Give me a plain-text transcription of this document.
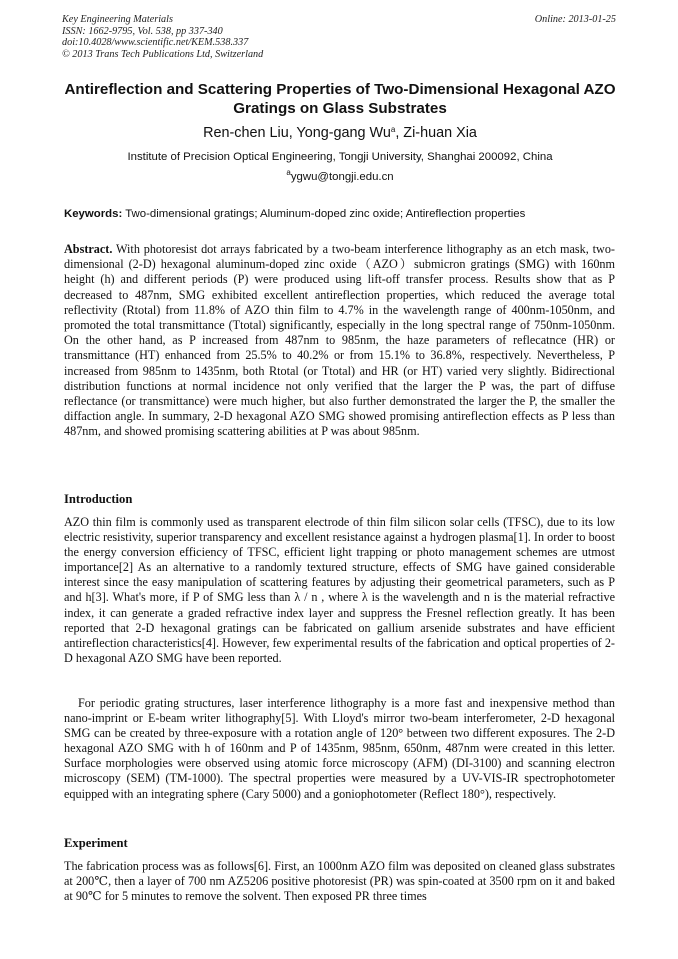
Key Engineering Materials
ISSN: 1662-9795, Vol. 538, pp 337-340
doi:10.4028/www.scientific.net/KEM.538.337
© 2013 Trans Tech Publications Ltd, Switzerland
Online: 2013-01-25
Antireflection and Scattering Properties of Two-Dimensional Hexagonal AZO Gratings on Glass Substrates
Ren-chen Liu, Yong-gang Wu$^a$, Zi-huan Xia
Institute of Precision Optical Engineering, Tongji University, Shanghai 200092, China
$^a$ygwu@tongji.edu.cn
Keywords: Two-dimensional gratings; Aluminum-doped zinc oxide; Antireflection properties
Abstract. With photoresist dot arrays fabricated by a two-beam interference lithography as an etch mask, two-dimensional (2-D) hexagonal aluminum-doped zinc oxide（AZO）submicron gratings (SMG) with 160nm height (h) and different periods (P) were produced using lift-off transfer process. Results show that as P decreased to 487nm, SMG exhibited excellent antireflection properties, which reduced the average total reflectivity (Rtotal) from 11.8% of AZO thin film to 4.7% in the wavelength range of 400nm-1050nm, and promoted the total transmittance (Ttotal) significantly, especially in the long spectral range of 750nm-1050nm. On the other hand, as P increased from 487nm to 985nm, the haze parameters of reflecatnce (HR) or transmittance (HT) enhanced from 25.5% to 40.2% or from 15.1% to 36.8%, respectively. Nevertheless, P increased from 985nm to 1435nm, both Rtotal (or Ttotal) and HR (or HT) varied very slightly. Bidirectional distribution functions at normal incidence not only verified that the larger the P was, the part of diffuse reflectance (or transmittance) were much higher, but also further demonstrated the larger the P, the smaller the diffaction angle. In summary, 2-D hexagonal AZO SMG showed promising antireflection effects as P less than 487nm, and showed promising scattering abilities at P was about 985nm.
Introduction
AZO thin film is commonly used as transparent electrode of thin film silicon solar cells (TFSC), due to its low electric resistivity, superior transparency and excellent resistance against a hydrogen plasma[1]. In order to boost the energy conversion efficiency of TFSC, efficient light trapping or photo management schemes are utmost importance[2] As an alternative to a randomly textured structure, effects of SMG have gained considerable interest since the easy manipulation of scattering features by adjusting their geometrical parameters, such as P and h[3]. What's more, if P of SMG less than λ / n , where λ is the wavelength and n is the material refractive index, it can generate a graded refractive index layer and suppress the Fresnel reflection greatly. It has been reported that 2-D hexagonal gratings can be fabricated on gallium arsenide substrates and have efficient antireflection characteristics[4]. However, few experimental results of the fabrication and optical properties of 2-D hexagonal AZO SMG have been reported.
For periodic grating structures, laser interference lithography is a more fast and inexpensive method than nano-imprint or E-beam writer lithography[5]. With Lloyd's mirror two-beam interferometer, 2-D hexagonal SMG can be created by three-exposure with a rotation angle of 120° between two different exposures. The 2-D hexagonal AZO SMG with h of 160nm and P of 1435nm, 985nm, 650nm, 487nm were created in this letter. Surface morphologies were observed using atomic force microscopy (AFM) (DI-3100) and scanning electron microscopy (SEM) (TM-1000). The spectral properties were measured by a UV-VIS-IR spectrophotometer equipped with an integrating sphere (Cary 5000) and a goniophotometer (Reflect 180°), respectively.
Experiment
The fabrication process was as follows[6]. First, an 1000nm AZO film was deposited on cleaned glass substrates at 200℃, then a layer of 700 nm AZ5206 positive photoresist (PR) was spin-coated at 3500 rpm on it and baked at 90℃ for 5 minutes to remove the solvent. Then exposed PR three times
